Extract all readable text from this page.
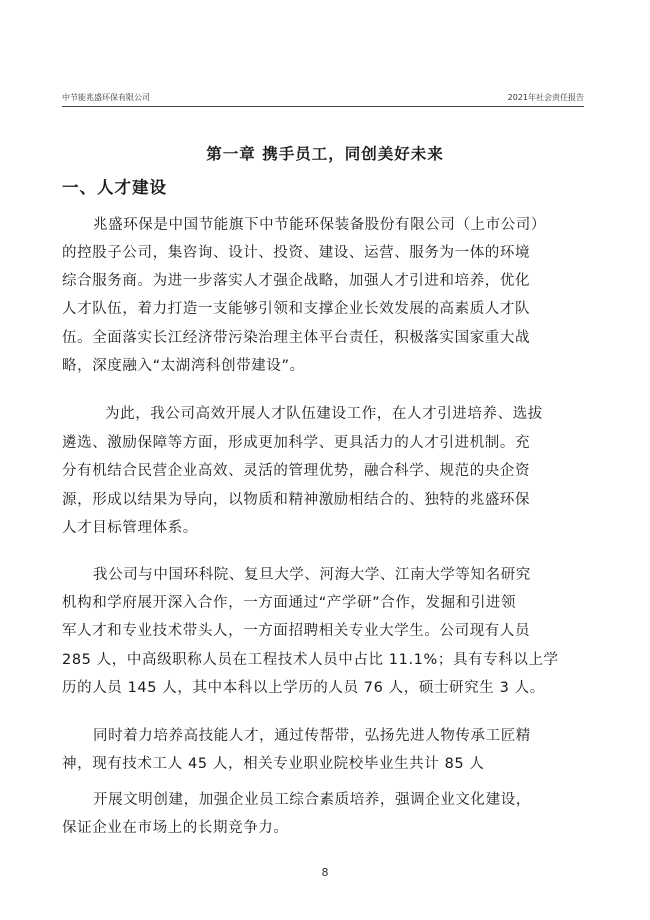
中节能兆盛环保有限公司	2021年社会责任报告
第一章 携手员工，同创美好未来
一、人才建设
兆盛环保是中国节能旗下中节能环保装备股份有限公司（上市公司）
的控股子公司，集咨询、设计、投资、建设、运营、服务为一体的环境
综合服务商。为进一步落实人才强企战略，加强人才引进和培养，优化
人才队伍，着力打造一支能够引领和支撑企业长效发展的高素质人才队
伍。全面落实长江经济带污染治理主体平台责任，积极落实国家重大战
略，深度融入“太湖湾科创带建设”。
为此，我公司高效开展人才队伍建设工作，在人才引进培养、选拔
遴选、激励保障等方面，形成更加科学、更具活力的人才引进机制。充
分有机结合民营企业高效、灵活的管理优势，融合科学、规范的央企资
源，形成以结果为导向，以物质和精神激励相结合的、独特的兆盛环保
人才目标管理体系。
我公司与中国环科院、复旦大学、河海大学、江南大学等知名研究
机构和学府展开深入合作，一方面通过“产学研”合作，发掘和引进领
军人才和专业技术带头人，一方面招聘相关专业大学生。公司现有人员
285 人，中高级职称人员在工程技术人员中占比 11.1%；具有专科以上学
历的人员 145 人，其中本科以上学历的人员 76 人，硕士研究生 3 人。
同时着力培养高技能人才，通过传帮带，弘扬先进人物传承工匠精
神，现有技术工人 45 人，相关专业职业院校毕业生共计 85 人
开展文明创建，加强企业员工综合素质培养，强调企业文化建设，
保证企业在市场上的长期竞争力。
8
